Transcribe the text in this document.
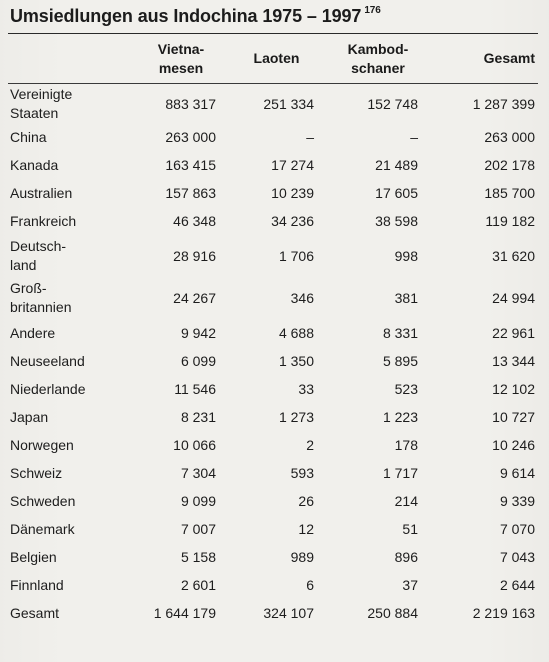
Umsiedlungen aus Indochina 1975 – 1997 $^{176}$

	Vietna-
mesen	Laoten	Kambod-
schaner	Gesamt

Vereinigte
Staaten	883 317	251 334	152 748	1 287 399

China	263 000	–	–	263 000

Kanada	163 415	17 274	21 489	202 178

Australien	157 863	10 239	17 605	185 700

Frankreich	46 348	34 236	38 598	119 182

Deutsch-
land	28 916	1 706	998	31 620

Groß-
britannien	24 267	346	381	24 994

Andere	9 942	4 688	8 331	22 961

Neuseeland	6 099	1 350	5 895	13 344

Niederlande	11 546	33	523	12 102

Japan	8 231	1 273	1 223	10 727

Norwegen	10 066	2	178	10 246

Schweiz	7 304	593	1 717	9 614

Schweden	9 099	26	214	9 339

Dänemark	7 007	12	51	7 070

Belgien	5 158	989	896	7 043

Finnland	2 601	6	37	2 644

Gesamt	1 644 179	324 107	250 884	2 219 163
